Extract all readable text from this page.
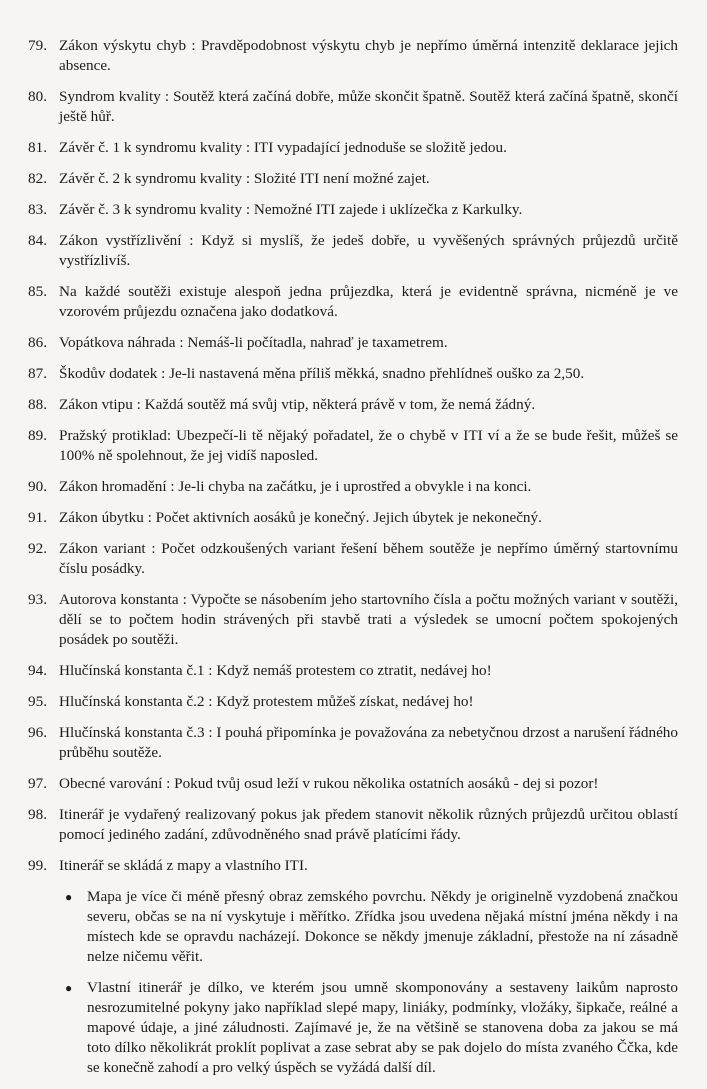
79. Zákon výskytu chyb : Pravděpodobnost výskytu chyb je nepřímo úměrná intenzitě deklarace jejich absence.
80. Syndrom kvality : Soutěž která začíná dobře, může skončit špatně. Soutěž která začíná špatně, skončí ještě hůř.
81. Závěr č. 1 k syndromu kvality : ITI vypadající jednoduše se složitě jedou.
82. Závěr č. 2 k syndromu kvality : Složité ITI není možné zajet.
83. Závěr č. 3 k syndromu kvality : Nemožné ITI zajede i uklízečka z Karkulky.
84. Zákon vystřízlivění : Když si myslíš, že jedeš dobře, u vyvěšených správných průjezdů určitě vystřízlivíš.
85. Na každé soutěži existuje alespoň jedna průjezdka, která je evidentně správna, nicméně je ve vzorovém průjezdu označena jako dodatková.
86. Vopátkova náhrada : Nemáš-li počítadla, nahraď je taxametrem.
87. Škodův dodatek : Je-li nastavená měna příliš měkká, snadno přehlídneš ouško za 2,50.
88. Zákon vtipu : Každá soutěž má svůj vtip, některá právě v tom, že nemá žádný.
89. Pražský protiklad: Ubezpečí-li tě nějaký pořadatel, že o chybě v ITI ví a že se bude řešit, můžeš se 100% ně spolehnout, že jej vidíš naposled.
90. Zákon hromadění : Je-li chyba na začátku, je i uprostřed a obvykle i na konci.
91. Zákon úbytku : Počet aktivních aosáků je konečný. Jejich úbytek je nekonečný.
92. Zákon variant : Počet odzkoušených variant řešení během soutěže je nepřímo úměrný startovnímu číslu posádky.
93. Autorova konstanta : Vypočte se násobením jeho startovního čísla a počtu možných variant v soutěži, dělí se to počtem hodin strávených při stavbě trati a výsledek se umocní počtem spokojených posádek po soutěži.
94. Hlučínská konstanta č.1 : Když nemáš protestem co ztratit, nedávej ho!
95. Hlučínská konstanta č.2 : Když protestem můžeš získat, nedávej ho!
96. Hlučínská konstanta č.3 : I pouhá připomínka je považována za nebetyčnou drzost a narušení řádného průběhu soutěže.
97. Obecné varování : Pokud tvůj osud leží v rukou několika ostatních aosáků - dej si pozor!
98. Itinerář je vydařený realizovaný pokus jak předem stanovit několik různých průjezdů určitou oblastí pomocí jediného zadání, zdůvodněného snad právě platícími řády.
99. Itinerář se skládá z mapy a vlastního ITI.
● Mapa je více či méně přesný obraz zemského povrchu. Někdy je originelně vyzdobená značkou severu, občas se na ní vyskytuje i měřítko. Zřídka jsou uvedena nějaká místní jména někdy i na místech kde se opravdu nacházejí. Dokonce se někdy jmenuje základní, přestože na ní zásadně nelze ničemu věřit.
● Vlastní itinerář je dílko, ve kterém jsou umně skomponovány a sestaveny laikům naprosto nesrozumitelné pokyny jako například slepé mapy, liniáky, podmínky, vložáky, šipkače, reálné a mapové údaje, a jiné záludnosti. Zajímavé je, že na většině se stanovena doba za jakou se má toto dílko několikrát proklít poplivat a zase sebrat aby se pak dojelo do místa zvaného Ččka, kde se konečně zahodí a pro velký úspěch se vyžádá další díl.
